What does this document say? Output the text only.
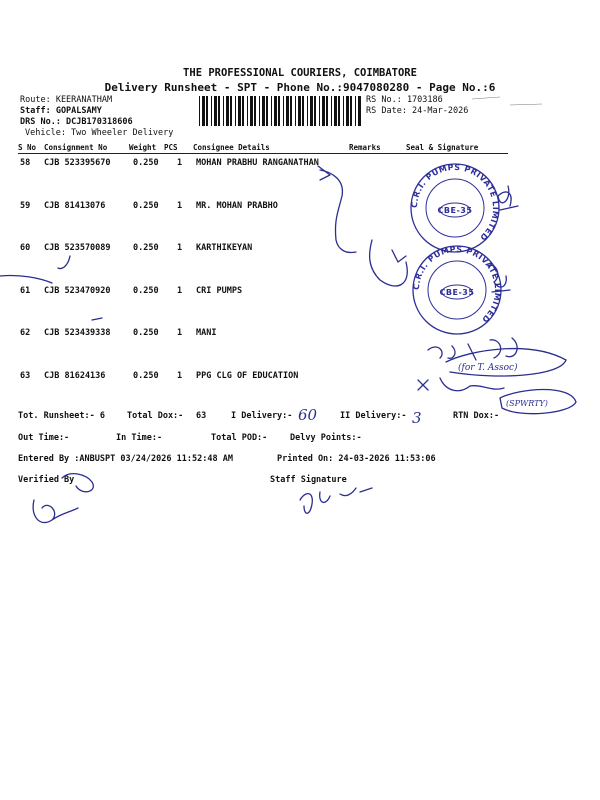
THE PROFESSIONAL COURIERS, COIMBATORE
Delivery Runsheet - SPT - Phone No.:9047080280 - Page No.:6
Route: KEERANATHAM
Staff: GOPALSAMY
DRS No.: DCJB170318606
Vehicle: Two Wheeler Delivery
RS No.: 1703186
RS Date: 24-Mar-2026
S No Consignment No	Weight PCS Consignee Details	Remarks	Seal & Signature
58 CJB 523395670	0.250 1 MOHAN PRABHU RANGANATHAN
59 CJB 81413076	0.250 1 MR. MOHAN PRABHO
60 CJB 523570089	0.250 1 KARTHIKEYAN
61 CJB 523470920	0.250 1 CRI PUMPS
62 CJB 523439338	0.250 1 MANI
63 CJB 81624136	0.250 1 PPG CLG OF EDUCATION
Tot. Runsheet:- 6	Total Dox:- 63	I Delivery:- 60	II Delivery:- 3	RTN Dox:-
Out Time:-	In Time:-	Total POD:-	Delvy Points:-
Entered By :ANBUSPT 03/24/2026 11:52:48 AM	Printed On: 24-03-2026 11:53:06
Verified By	Staff Signature
(for T. Assoc)
(SPWRTY)
C.R.I. PUMPS PRIVATE LIMITED
CBE-35
C.R.I. PUMPS PRIVATE LIMITED
CBE-35
